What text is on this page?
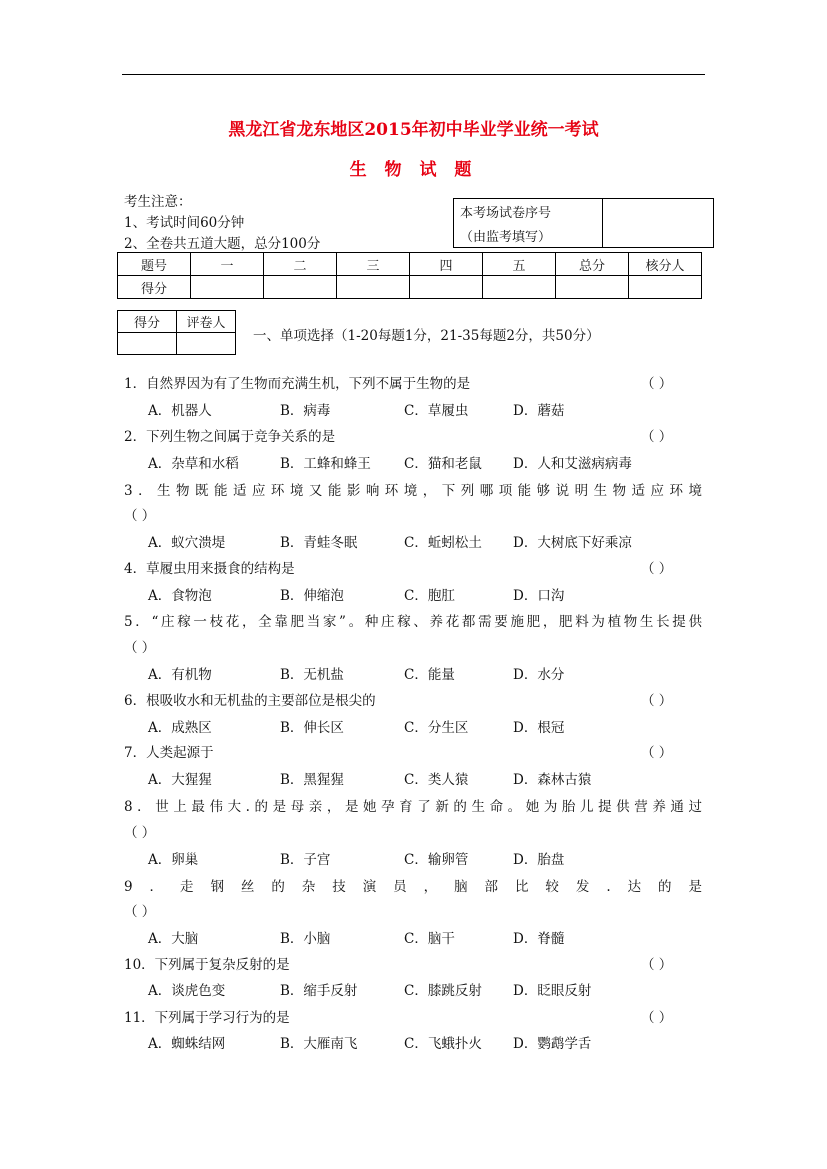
黑龙江省龙东地区2015年初中毕业学业统一考试
生 物 试 题
考生注意：
1、考试时间60分钟
2、全卷共五道大题，总分100分
本考场试卷序号	
（由监考填写）
题号	一	二	三	四	五	总分	核分人
得分							
得分	评卷人

一、单项选择（1-20每题1分，21-35每题2分，共50分）
1．自然界因为有了生物而充满生机，下列不属于生物的是	（ ）
A．机器人	B．病毒	C．草履虫	D．蘑菇
2．下列生物之间属于竞争关系的是	（ ）
A．杂草和水稻	B．工蜂和蜂王 C．猫和老鼠 D．人和艾滋病病毒
3．生物既能适应环境又能影响环境，下列哪项能够说明生物适应环境
（ ）
A．蚁穴溃堤	B．青蛙冬眠	C．蚯蚓松土 D．大树底下好乘凉
4．草履虫用来摄食的结构是	（ ）
A．食物泡	B．伸缩泡	C．胞肛	D．口沟
5．“庄稼一枝花，全靠肥当家”。种庄稼、养花都需要施肥，肥料为植物生长提供
（ ）
A．有机物	B．无机盐	C．能量	D．水分
6．根吸收水和无机盐的主要部位是根尖的	（ ）
A．成熟区	B．伸长区	C．分生区	D．根冠
7．人类起源于	（ ）
A．大猩猩	B．黑猩猩	C．类人猿	D．森林古猿
8．世上最伟大.的是母亲，是她孕育了新的生命。她为胎儿提供营养通过
（ ）
A．卵巢	B．子宫	C．输卵管	D．胎盘
9．走钢丝的杂技演员，脑部比较发.达的是
（ ）
A．大脑	B．小脑	C．脑干	D．脊髓
10．下列属于复杂反射的是	（ ）
A．谈虎色变	B．缩手反射	C．膝跳反射 D．眨眼反射
11．下列属于学习行为的是	（ ）
A．蜘蛛结网	B．大雁南飞	C．飞蛾扑火 D．鹦鹉学舌
